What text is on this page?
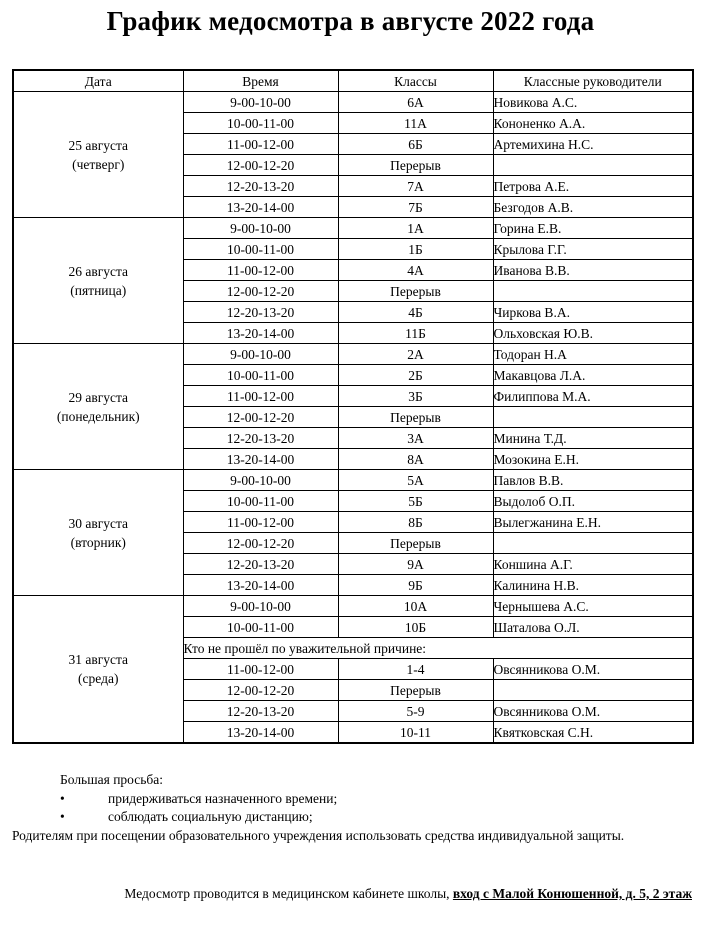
График медосмотра в августе 2022 года
Дата	Время	Классы	Классные руководители

25 августа
(четверг)	9-00-10-00	6А	Новикова А.С.
	10-00-11-00	11А	Кононенко А.А.
	11-00-12-00	6Б	Артемихина Н.С.
	12-00-12-20	Перерыв	
	12-20-13-20	7А	Петрова А.Е.
	13-20-14-00	7Б	Безгодов А.В.

26 августа
(пятница)	9-00-10-00	1А	Горина Е.В.
	10-00-11-00	1Б	Крылова Г.Г.
	11-00-12-00	4А	Иванова В.В.
	12-00-12-20	Перерыв	
	12-20-13-20	4Б	Чиркова В.А.
	13-20-14-00	11Б	Ольховская Ю.В.

29 августа
(понедельник)	9-00-10-00	2А	Тодоран Н.А
	10-00-11-00	2Б	Макавцова Л.А.
	11-00-12-00	3Б	Филиппова М.А.
	12-00-12-20	Перерыв	
	12-20-13-20	3А	Минина Т.Д.
	13-20-14-00	8А	Мозокина Е.Н.

30 августа
(вторник)	9-00-10-00	5А	Павлов В.В.
	10-00-11-00	5Б	Выдолоб О.П.
	11-00-12-00	8Б	Вылегжанина Е.Н.
	12-00-12-20	Перерыв	
	12-20-13-20	9А	Коншина А.Г.
	13-20-14-00	9Б	Калинина Н.В.

31 августа
(среда)	9-00-10-00	10А	Чернышева А.С.
	10-00-11-00	10Б	Шаталова О.Л.
	Кто не прошёл по уважительной причине:		
	11-00-12-00	1-4	Овсянникова О.М.
	12-00-12-20	Перерыв	
	12-20-13-20	5-9	Овсянникова О.М.
	13-20-14-00	10-11	Квятковская С.Н.
Большая просьба:
•	придерживаться назначенного времени;
•	соблюдать социальную дистанцию;
Родителям при посещении образовательного учреждения использовать средства индивидуальной защиты.
Медосмотр проводится в медицинском кабинете школы, вход с Малой Конюшенной, д. 5, 2 этаж
